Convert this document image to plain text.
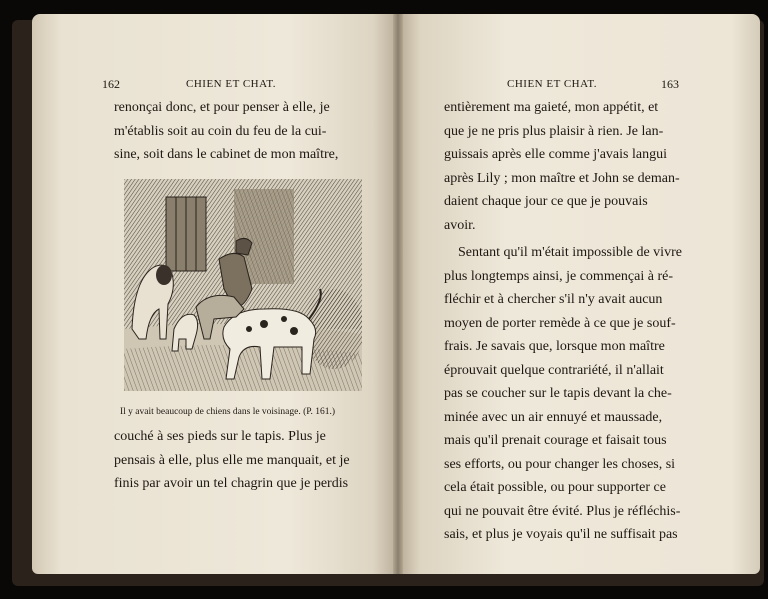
162	CHIEN ET CHAT.
renonçai donc, et pour penser à elle, je
m'établis soit au coin du feu de la cui-
sine, soit dans le cabinet de mon maître,
Il y avait beaucoup de chiens dans le voisinage. (P. 161.)
couché à ses pieds sur le tapis. Plus je
pensais à elle, plus elle me manquait, et je
finis par avoir un tel chagrin que je perdis
CHIEN ET CHAT.	163
entièrement ma gaieté, mon appétit, et
que je ne pris plus plaisir à rien. Je lan-
guissais après elle comme j'avais langui
après Lily ; mon maître et John se deman-
daient chaque jour ce que je pouvais
avoir.
Sentant qu'il m'était impossible de vivre
plus longtemps ainsi, je commençai à ré-
fléchir et à chercher s'il n'y avait aucun
moyen de porter remède à ce que je souf-
frais. Je savais que, lorsque mon maître
éprouvait quelque contrariété, il n'allait
pas se coucher sur le tapis devant la che-
minée avec un air ennuyé et maussade,
mais qu'il prenait courage et faisait tous
ses efforts, ou pour changer les choses, si
cela était possible, ou pour supporter ce
qui ne pouvait être évité. Plus je réfléchis-
sais, et plus je voyais qu'il ne suffisait pas
